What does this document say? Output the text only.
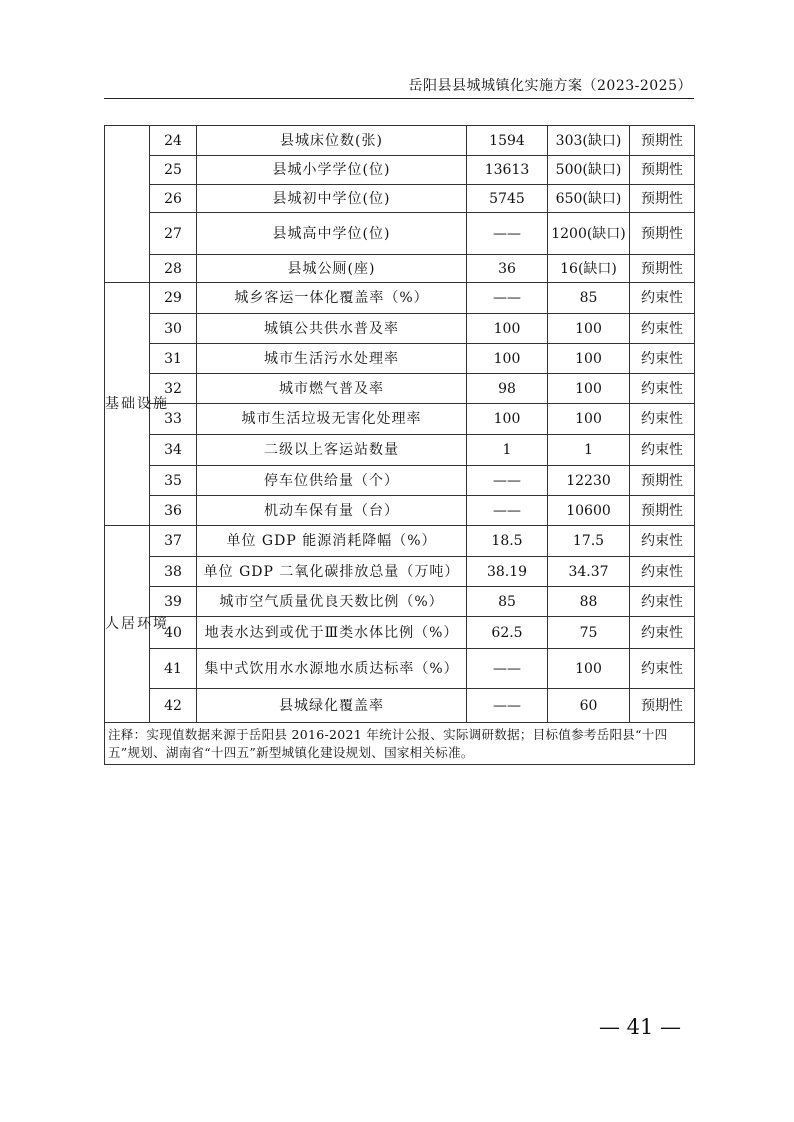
岳阳县县城城镇化实施方案（2023-2025）
	24	县城床位数(张)	1594	303(缺口)	预期性
	25	县城小学学位(位)	13613	500(缺口)	预期性
	26	县城初中学位(位)	5745	650(缺口)	预期性
	27	县城高中学位(位)	——	1200(缺口)	预期性
	28	县城公厕(座)	36	16(缺口)	预期性
基础设施	29	城乡客运一体化覆盖率（%）	——	85	约束性
	30	城镇公共供水普及率	100	100	约束性
	31	城市生活污水处理率	100	100	约束性
	32	城市燃气普及率	98	100	约束性
	33	城市生活垃圾无害化处理率	100	100	约束性
	34	二级以上客运站数量	1	1	约束性
	35	停车位供给量（个）	——	12230	预期性
	36	机动车保有量（台）	——	10600	预期性
人居环境	37	单位 GDP 能源消耗降幅（%）	18.5	17.5	约束性
	38	单位 GDP 二氧化碳排放总量（万吨）	38.19	34.37	约束性
	39	城市空气质量优良天数比例（%）	85	88	约束性
	40	地表水达到或优于Ⅲ类水体比例（%）	62.5	75	约束性
	41	集中式饮用水水源地水质达标率（%）	——	100	约束性
	42	县城绿化覆盖率	——	60	预期性
注释：实现值数据来源于岳阳县 2016-2021 年统计公报、实际调研数据；目标值参考岳阳县“十四五”规划、湖南省“十四五”新型城镇化建设规划、国家相关标准。					
— 41 —
